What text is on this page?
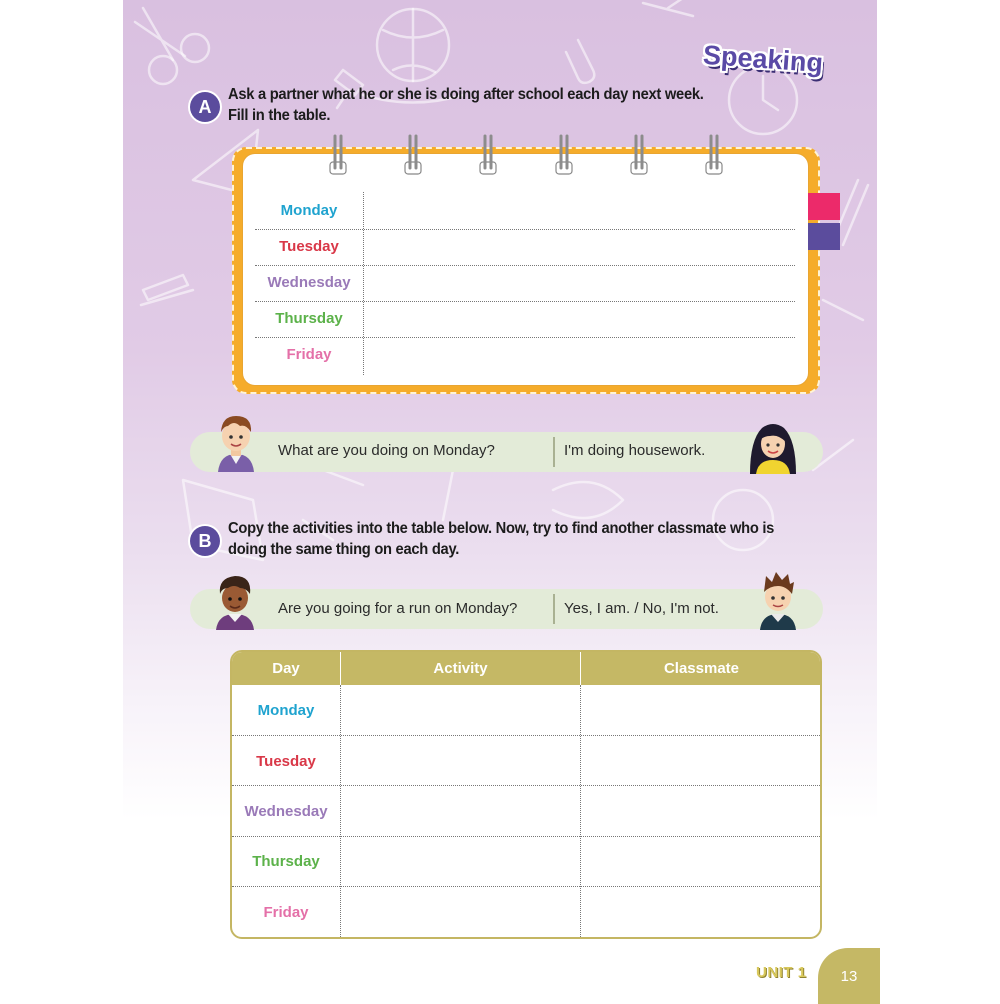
Speaking
A
Ask a partner what he or she is doing after school each day next week.
Fill in the table.
Monday
Tuesday
Wednesday
Thursday
Friday
What are you doing on Monday?	I'm doing housework.
B
Copy the activities into the table below. Now, try to find another classmate who is
doing the same thing on each day.
Are you going for a run on Monday?	Yes, I am. / No, I'm not.
Day	Activity	Classmate
Monday
Tuesday
Wednesday
Thursday
Friday
UNIT 1	13
